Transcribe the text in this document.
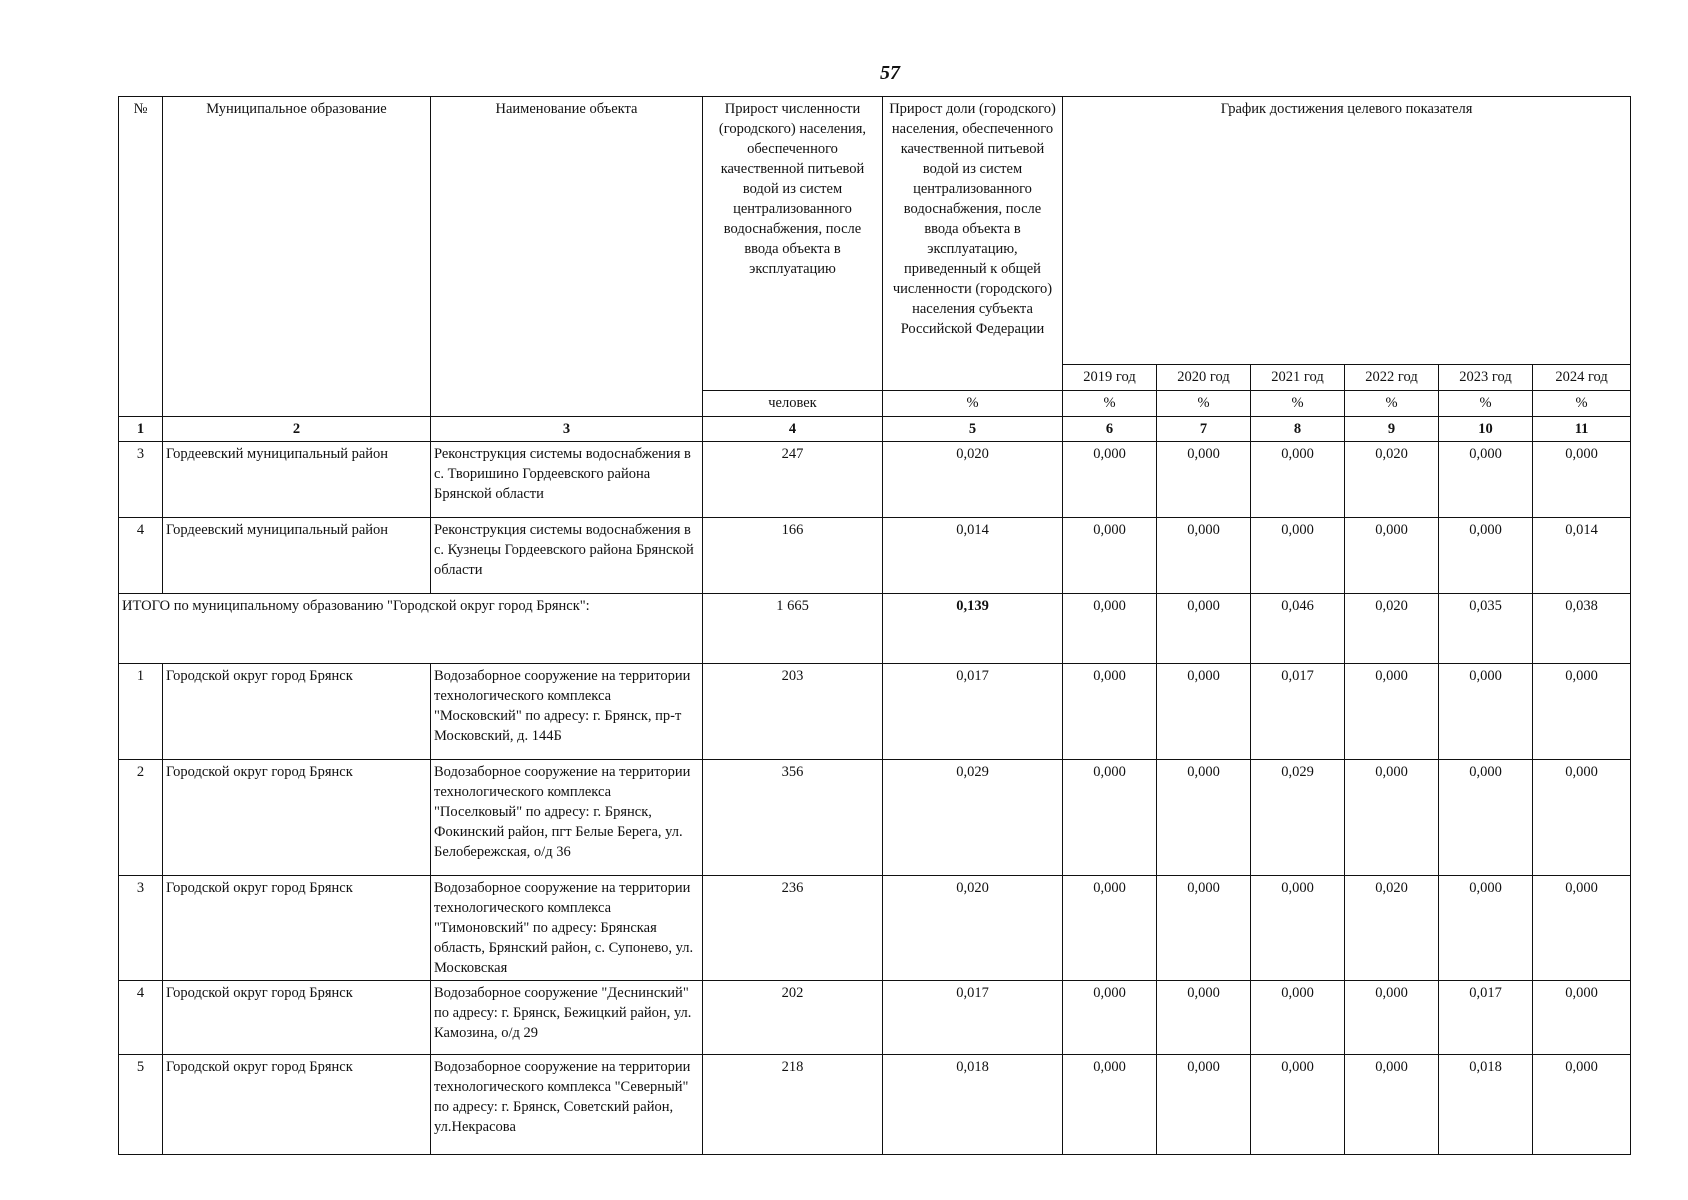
57
№	Муниципальное образование	Наименование объекта	Прирост численности (городского) населения, обеспеченного качественной питьевой водой из систем централизованного водоснабжения, после ввода объекта в эксплуатацию	Прирост доли (городского) населения, обеспеченного качественной питьевой водой из систем централизованного водоснабжения, после ввода объекта в эксплуатацию, приведенный к общей численности (городского) населения субъекта Российской Федерации	График достижения целевого показателя					
					2019 год	2020 год	2021 год	2022 год	2023 год	2024 год
			человек	%	%	%	%	%	%	%
1	2	3	4	5	6	7	8	9	10	11
3	Гордеевский муниципальный район	Реконструкция системы водоснабжения в с. Творишино Гордеевского района Брянской области	247	0,020	0,000	0,000	0,000	0,020	0,000	0,000
4	Гордеевский муниципальный район	Реконструкция системы водоснабжения в с. Кузнецы Гордеевского района Брянской области	166	0,014	0,000	0,000	0,000	0,000	0,000	0,014
ИТОГО по муниципальному образованию "Городской округ город Брянск":			1 665	0,139	0,000	0,000	0,046	0,020	0,035	0,038
1	Городской округ город Брянск	Водозаборное сооружение на территории технологического комплекса "Московский" по адресу: г. Брянск, пр-т Московский, д. 144Б	203	0,017	0,000	0,000	0,017	0,000	0,000	0,000
2	Городской округ город Брянск	Водозаборное сооружение на территории технологического комплекса "Поселковый" по адресу: г. Брянск, Фокинский район, пгт Белые Берега, ул. Белобережская, о/д 36	356	0,029	0,000	0,000	0,029	0,000	0,000	0,000
3	Городской округ город Брянск	Водозаборное сооружение на территории технологического комплекса "Тимоновский" по адресу: Брянская область, Брянский район, с. Супонево, ул. Московская	236	0,020	0,000	0,000	0,000	0,020	0,000	0,000
4	Городской округ город Брянск	Водозаборное сооружение "Деснинский" по адресу: г. Брянск, Бежицкий район, ул. Камозина, о/д 29	202	0,017	0,000	0,000	0,000	0,000	0,017	0,000
5	Городской округ город Брянск	Водозаборное сооружение на территории технологического комплекса "Северный" по адресу: г. Брянск, Советский район, ул.Некрасова	218	0,018	0,000	0,000	0,000	0,000	0,018	0,000
